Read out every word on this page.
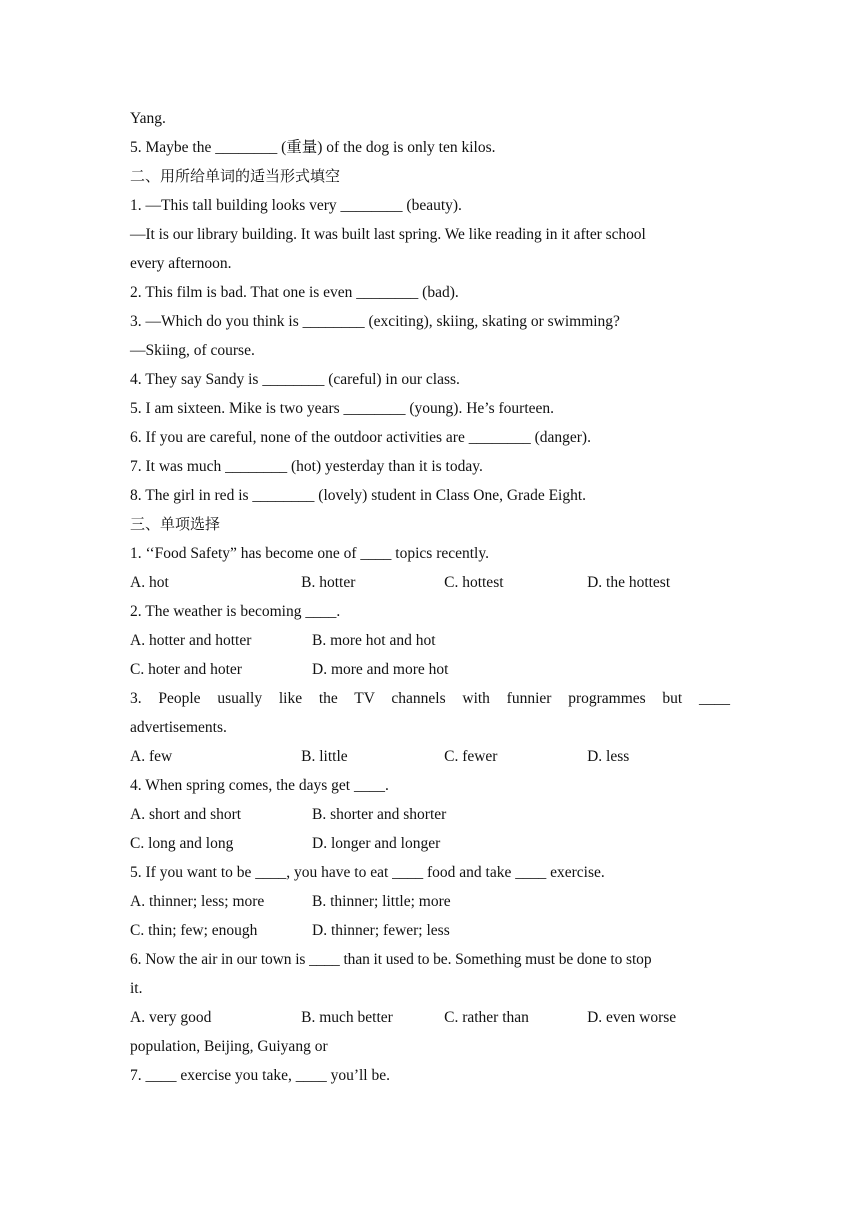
Yang.
5. Maybe the ________ (重量) of the dog is only ten kilos.
二、用所给单词的适当形式填空
1. —This tall building looks very ________ (beauty).
—It is our library building. It was built last spring. We like reading in it after school
every afternoon.
2. This film is bad. That one is even ________ (bad).
3. —Which do you think is ________ (exciting), skiing, skating or swimming?
—Skiing, of course.
4. They say Sandy is ________ (careful) in our class.
5. I am sixteen. Mike is two years ________ (young). He’s fourteen.
6. If you are careful, none of the outdoor activities are ________ (danger).
7. It was much ________ (hot) yesterday than it is today.
8. The girl in red is ________ (lovely) student in Class One, Grade Eight.
三、单项选择
1. ‘‘Food Safety” has become one of ____ topics recently.
A. hot	B. hotter	C. hottest	D. the hottest
2. The weather is becoming ____.
A. hotter and hotter	B. more hot and hot
C. hoter and hoter	D. more and more hot
3. People usually like the TV channels with funnier programmes but ____
advertisements.
A. few	B. little	C. fewer	D. less
4. When spring comes, the days get ____.
A. short and short	B. shorter and shorter
C. long and long	D. longer and longer
5. If you want to be ____, you have to eat ____ food and take ____ exercise.
A. thinner; less; more	B. thinner; little; more
C. thin; few; enough	D. thinner; fewer; less
6. Now the air in our town is ____ than it used to be. Something must be done to stop
it.
A. very good	B. much better	C. rather than	D. even worse
population, Beijing, Guiyang or
7. ____ exercise you take, ____ you’ll be.
